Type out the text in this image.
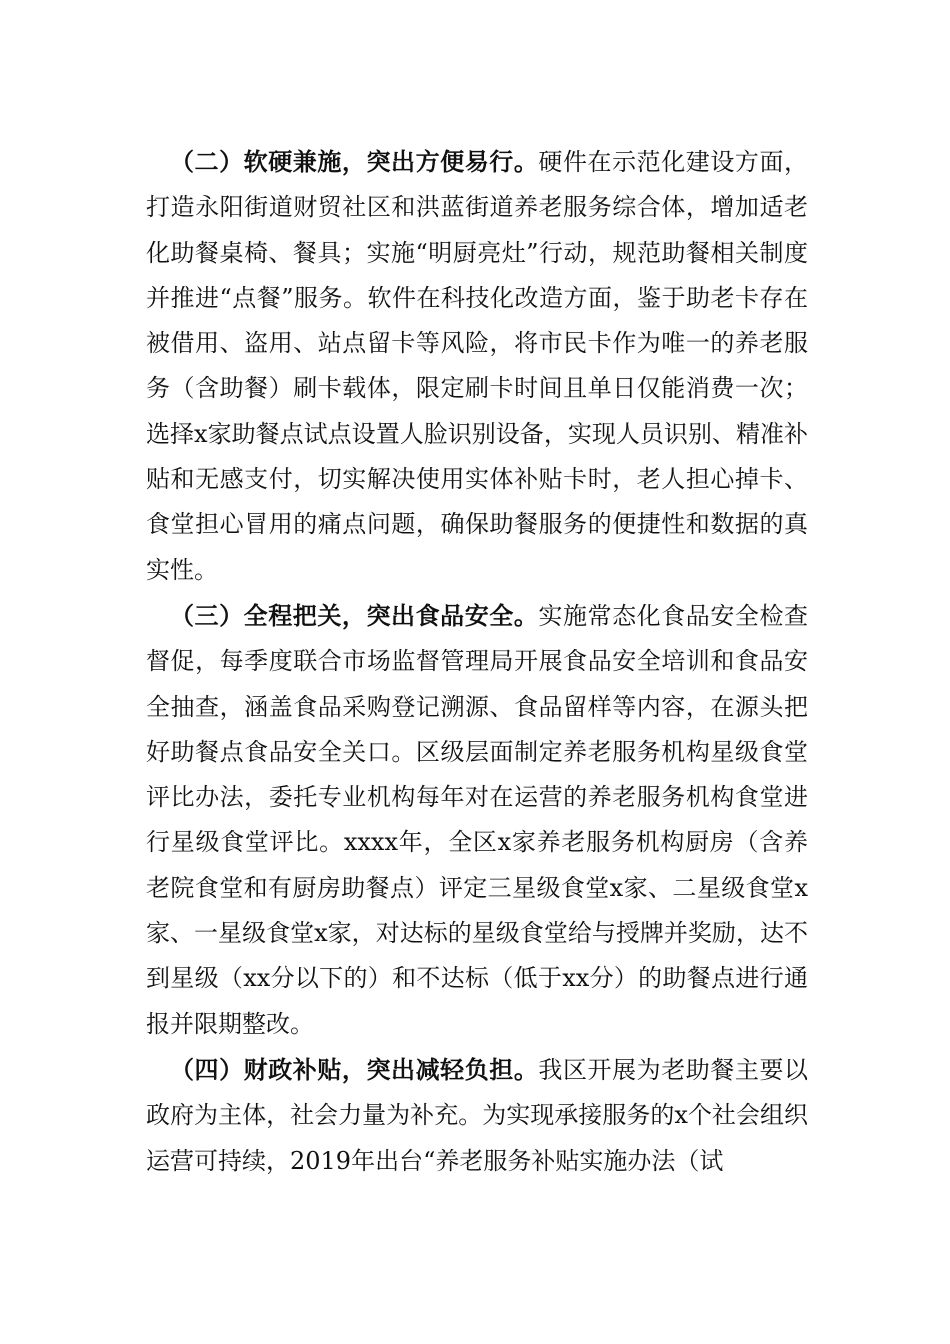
（二）软硬兼施，突出方便易行。硬件在示范化建设方面，打造永阳街道财贸社区和洪蓝街道养老服务综合体，增加适老化助餐桌椅、餐具；实施“明厨亮灶”行动，规范助餐相关制度并推进“点餐”服务。软件在科技化改造方面，鉴于助老卡存在被借用、盗用、站点留卡等风险，将市民卡作为唯一的养老服务（含助餐）刷卡载体，限定刷卡时间且单日仅能消费一次；选择x家助餐点试点设置人脸识别设备，实现人员识别、精准补贴和无感支付，切实解决使用实体补贴卡时，老人担心掉卡、食堂担心冒用的痛点问题，确保助餐服务的便捷性和数据的真实性。

（三）全程把关，突出食品安全。实施常态化食品安全检查督促，每季度联合市场监督管理局开展食品安全培训和食品安全抽查，涵盖食品采购登记溯源、食品留样等内容，在源头把好助餐点食品安全关口。区级层面制定养老服务机构星级食堂评比办法，委托专业机构每年对在运营的养老服务机构食堂进行星级食堂评比。xxxx年，全区x家养老服务机构厨房（含养老院食堂和有厨房助餐点）评定三星级食堂x家、二星级食堂x家、一星级食堂x家，对达标的星级食堂给与授牌并奖励，达不到星级（xx分以下的）和不达标（低于xx分）的助餐点进行通报并限期整改。

（四）财政补贴，突出减轻负担。我区开展为老助餐主要以政府为主体，社会力量为补充。为实现承接服务的x个社会组织运营可持续，2019年出台“养老服务补贴实施办法（试
